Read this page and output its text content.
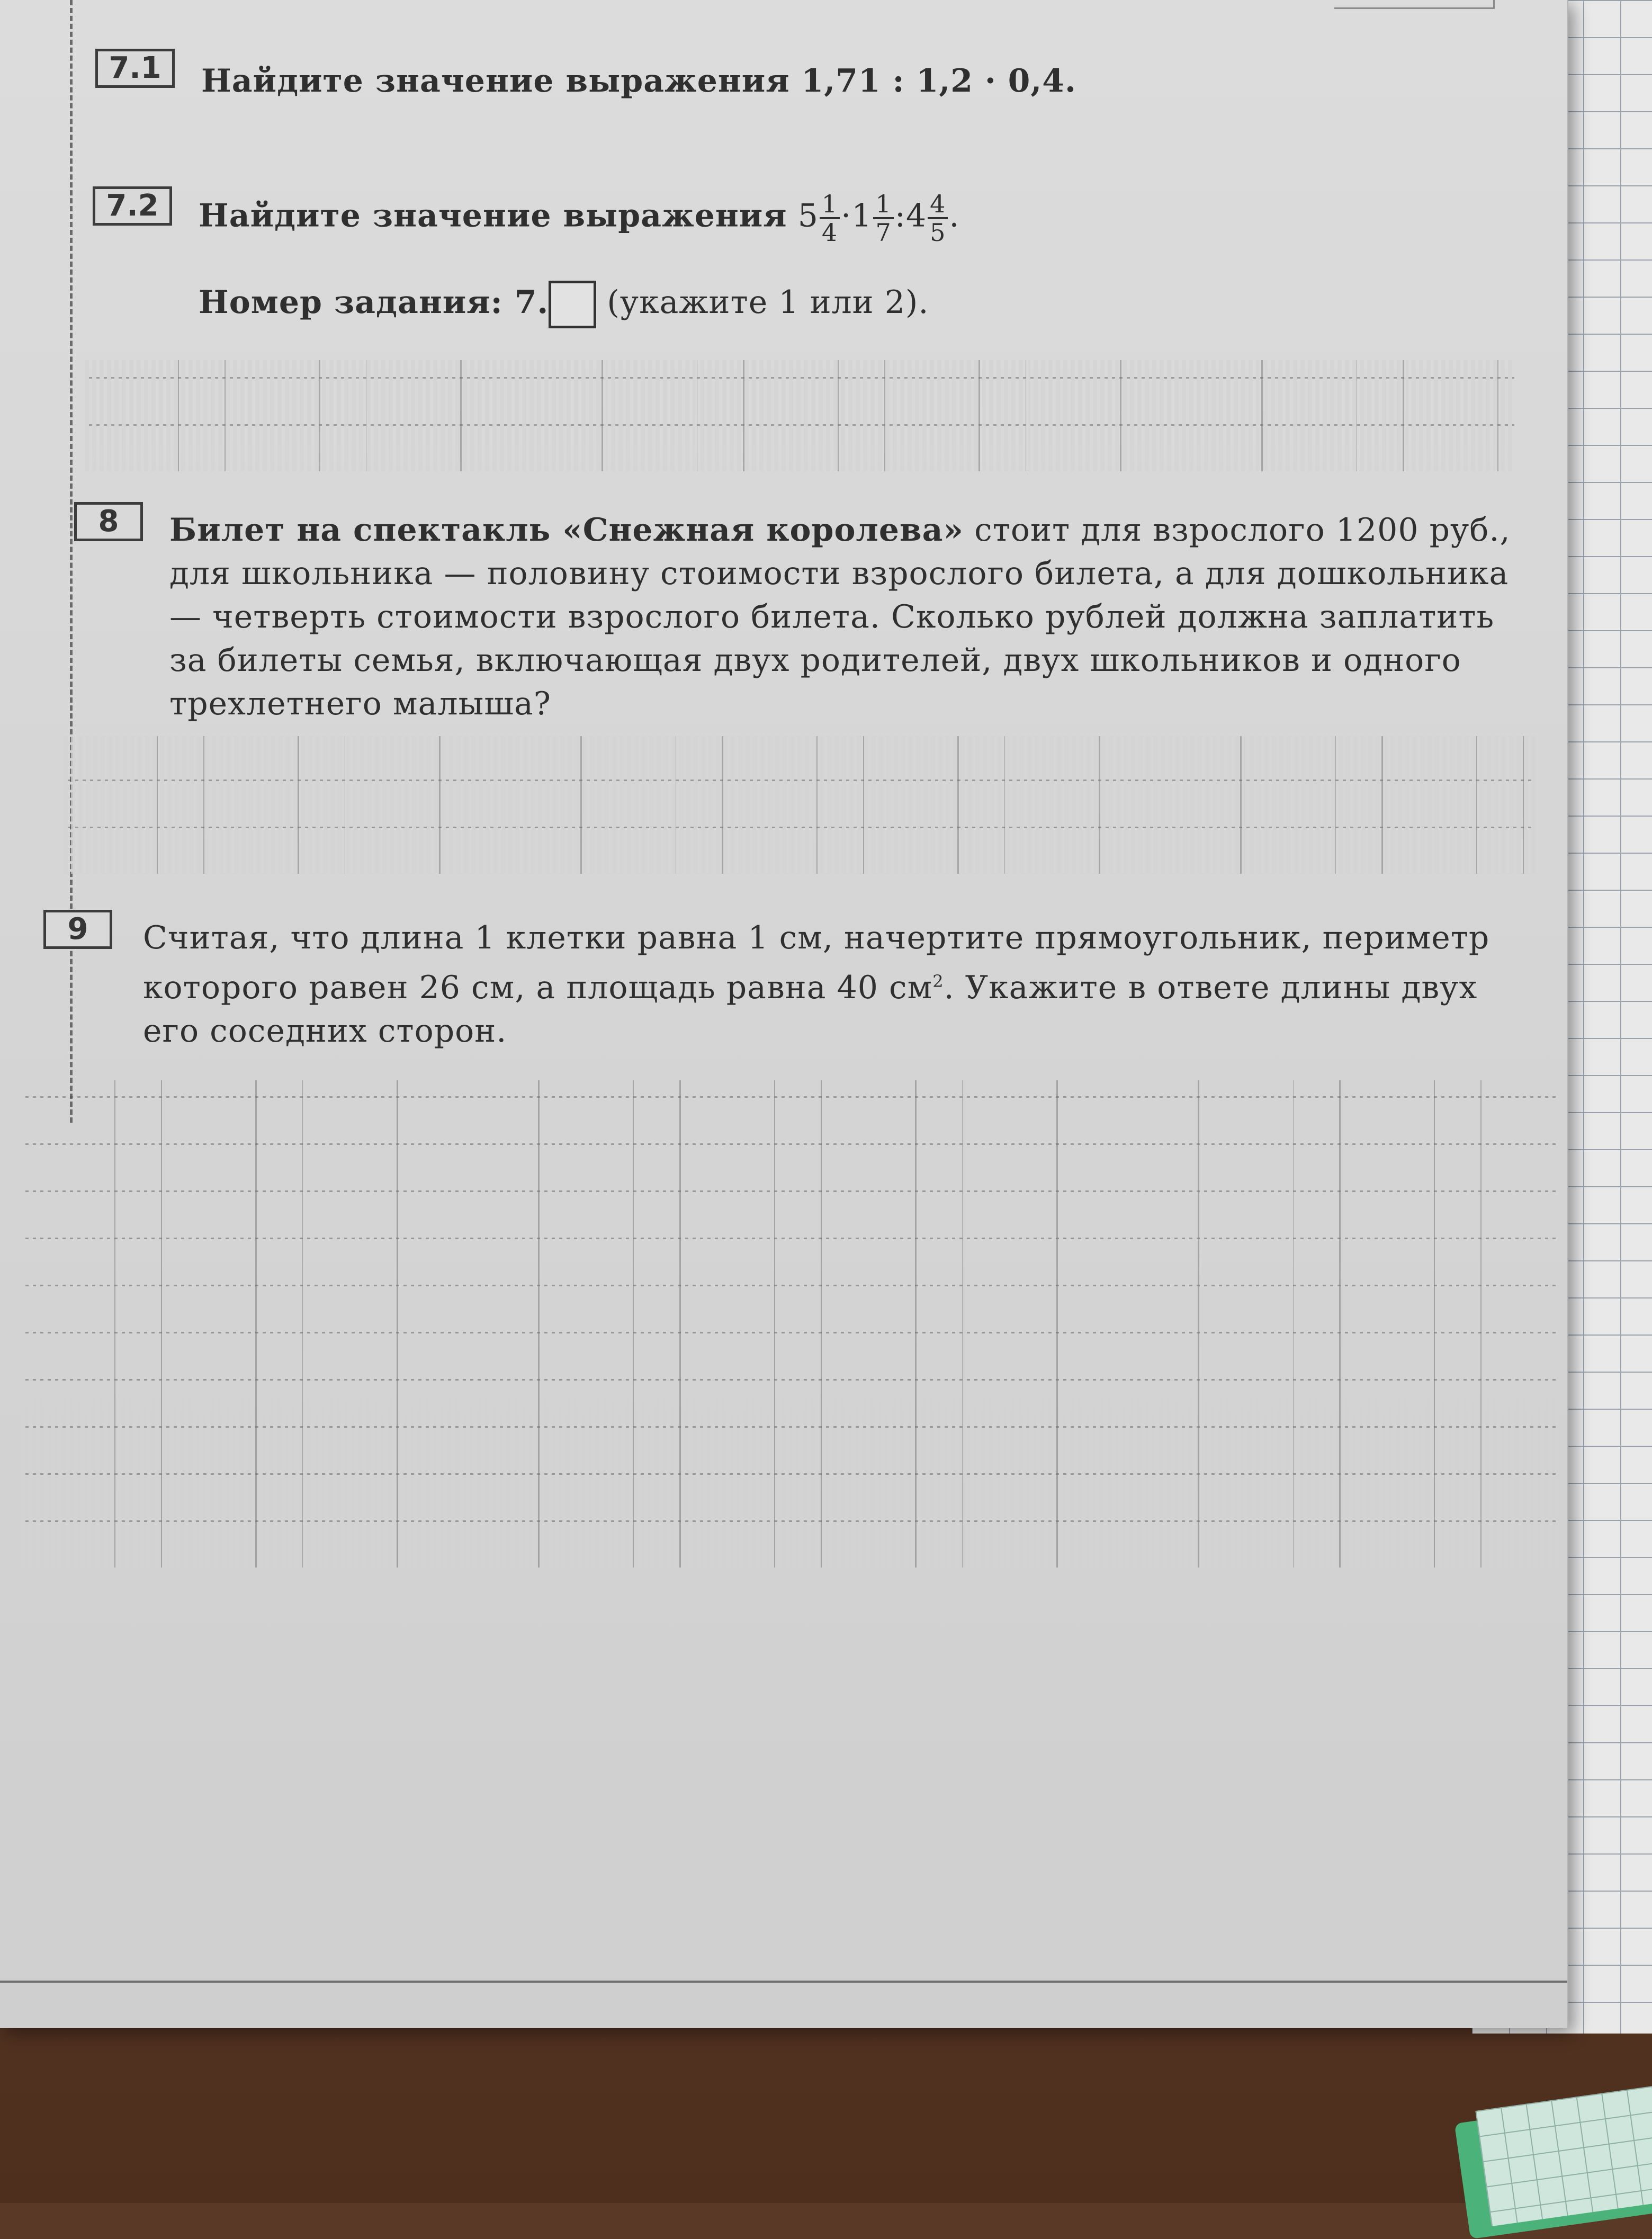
7.1	Найдите значение выражения 1,71 : 1,2 · 0,4.
7.2	Найдите значение выражения $5 \frac{1}{4} \cdot 1 \frac{1}{7}$ :4 $\frac{4}{5}$ .
Номер задания: 7. (укажите 1 или 2).
8	Билет на спектакль «Снежная королева» стоит для взрослого 1200 руб., для школьника — половину стоимости взрослого билета, а для дошкольника — четверть стоимости взрослого билета. Сколько рублей должна заплатить за билеты семья, включающая двух родителей, двух школьников и одного трехлетнего малыша?
9	Считая, что длина 1 клетки равна 1 см, начертите прямоугольник, периметр которого равен 26 см, а площадь равна 40 $см^2$. Укажите в ответе длины двух его соседних сторон.
